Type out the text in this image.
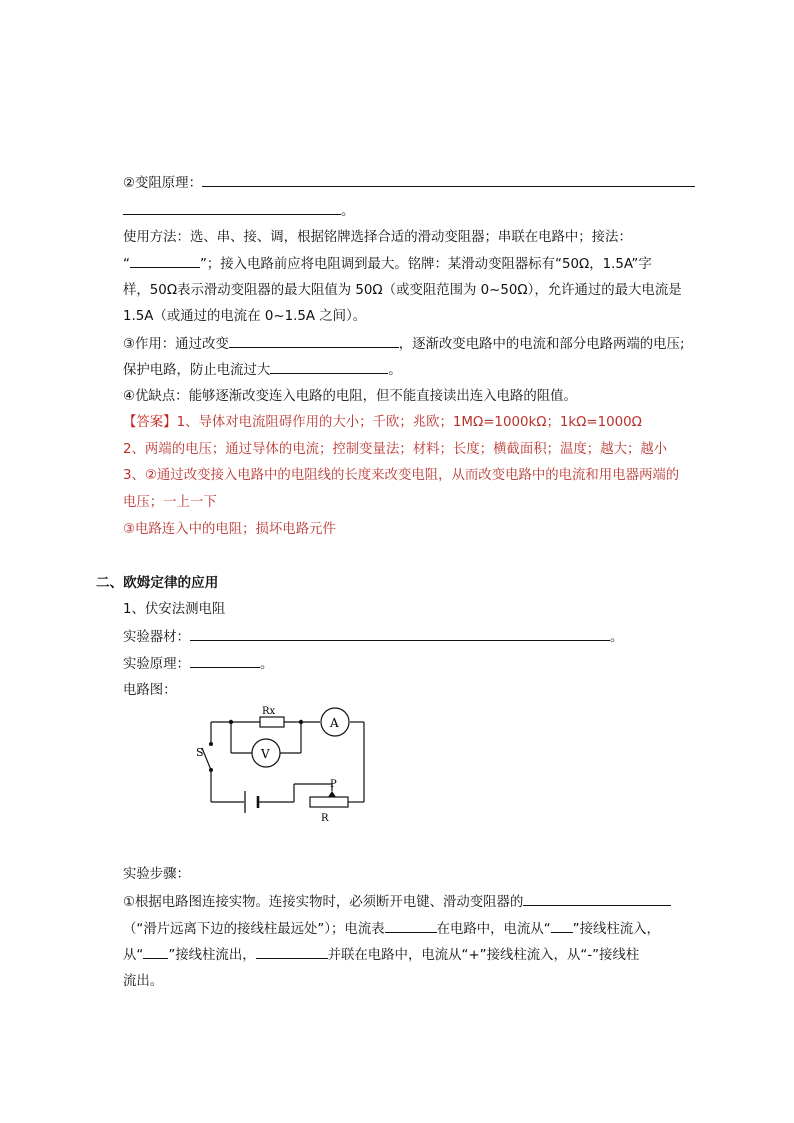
②变阻原理：
。
使用方法：选、串、接、调，根据铭牌选择合适的滑动变阻器；串联在电路中；接法：
“	”；接入电路前应将电阻调到最大。铭牌：某滑动变阻器标有“50Ω，1.5A”字
样，50Ω表示滑动变阻器的最大阻值为 50Ω（或变阻范围为 0~50Ω），允许通过的最大电流是
1.5A（或通过的电流在 0~1.5A 之间）。
③作用：通过改变	，逐渐改变电路中的电流和部分电路两端的电压;
保护电路，防止电流过大	。
④优缺点：能够逐渐改变连入电路的电阻，但不能直接读出连入电路的阻值。
【答案】1、导体对电流阻碍作用的大小；千欧；兆欧；1MΩ=1000kΩ；1kΩ=1000Ω
2、两端的电压；通过导体的电流；控制变量法；材料；长度；横截面积；温度；越大；越小
3、②通过改变接入电路中的电阻线的长度来改变电阻，从而改变电路中的电流和用电器两端的
电压；一上一下
③电路连入中的电阻；损坏电路元件
二、欧姆定律的应用
1、伏安法测电阻
实验器材：	。
实验原理：	。
电路图：
Rx
A
V
S
P
R
实验步骤：
①根据电路图连接实物。连接实物时，必须断开电键、滑动变阻器的
（“滑片远离下边的接线柱最远处”）；电流表	在电路中，电流从“ ”接线柱流入，
从“ ”接线柱流出，	并联在电路中，电流从“+”接线柱流入，从“-”接线柱
流出。
